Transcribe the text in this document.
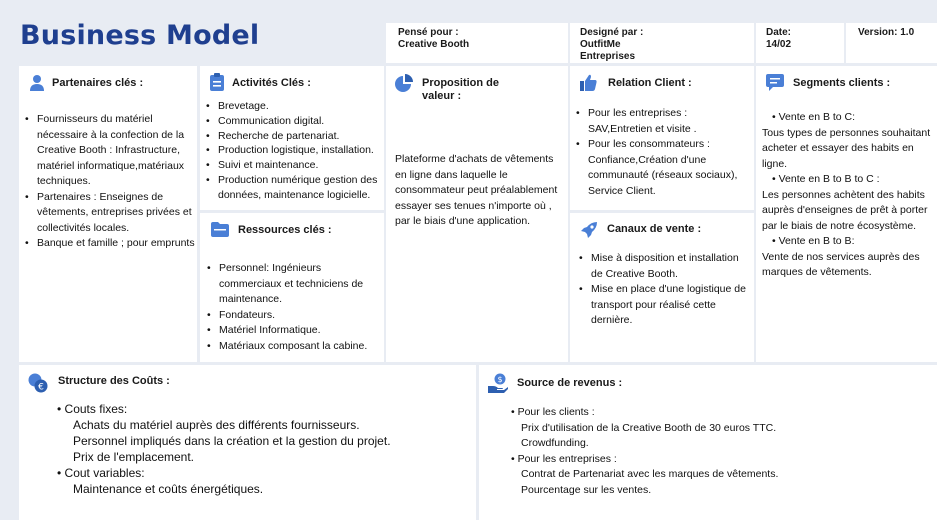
Business Model	Pensé pour :
Creative Booth
Designé par :
OutfitMe
Entreprises
Date:
14/02
Version: 1.0
Partenaires clés :
• Fournisseurs du matériel nécessaire à la confection de la Creative Booth : Infrastructure, matériel informatique,matériaux techniques.
• Partenaires : Enseignes de vêtements, entreprises privées et collectivités locales.
• Banque et famille ; pour emprunts
Activités Clés :
• Brevetage.
• Communication digital.
• Recherche de partenariat.
• Production logistique, installation.
• Suivi et maintenance.
• Production numérique gestion des données, maintenance logicielle.
Ressources clés :
• Personnel: Ingénieurs commerciaux et techniciens de maintenance.
• Fondateurs.
• Matériel Informatique.
• Matériaux composant la cabine.
Proposition de
valeur :
Plateforme d'achats de vêtements en ligne dans laquelle le consommateur peut préalablement essayer ses tenues n'importe où , par le biais d'une application.
Relation Client :
• Pour les entreprises : SAV,Entretien et visite .
• Pour les consommateurs : Confiance,Création d'une communauté (réseaux sociaux), Service Client.
Canaux de vente :
• Mise à disposition et installation de Creative Booth.
• Mise en place d'une logistique de transport pour réalisé cette dernière.
Segments clients :
• Vente en B to C:
Tous types de personnes souhaitant acheter et essayer des habits en ligne.
• Vente en B to B to C :
Les personnes achètent des habits auprès d'enseignes de prêt à porter par le biais de notre écosystème.
• Vente en B to B:
Vente de nos services auprès des marques de vêtements.
€
Structure des Coûts :
• Couts fixes:
Achats du matériel auprès des différents fournisseurs.
Personnel impliqués dans la création et la gestion du projet.
Prix de l'emplacement.
• Cout variables:
Maintenance et coûts énergétiques.
$ Source de revenus :
• Pour les clients :
Prix d'utilisation de la Creative Booth de 30 euros TTC.
Crowdfunding.
• Pour les entreprises :
Contrat de Partenariat avec les marques de vêtements.
Pourcentage sur les ventes.
